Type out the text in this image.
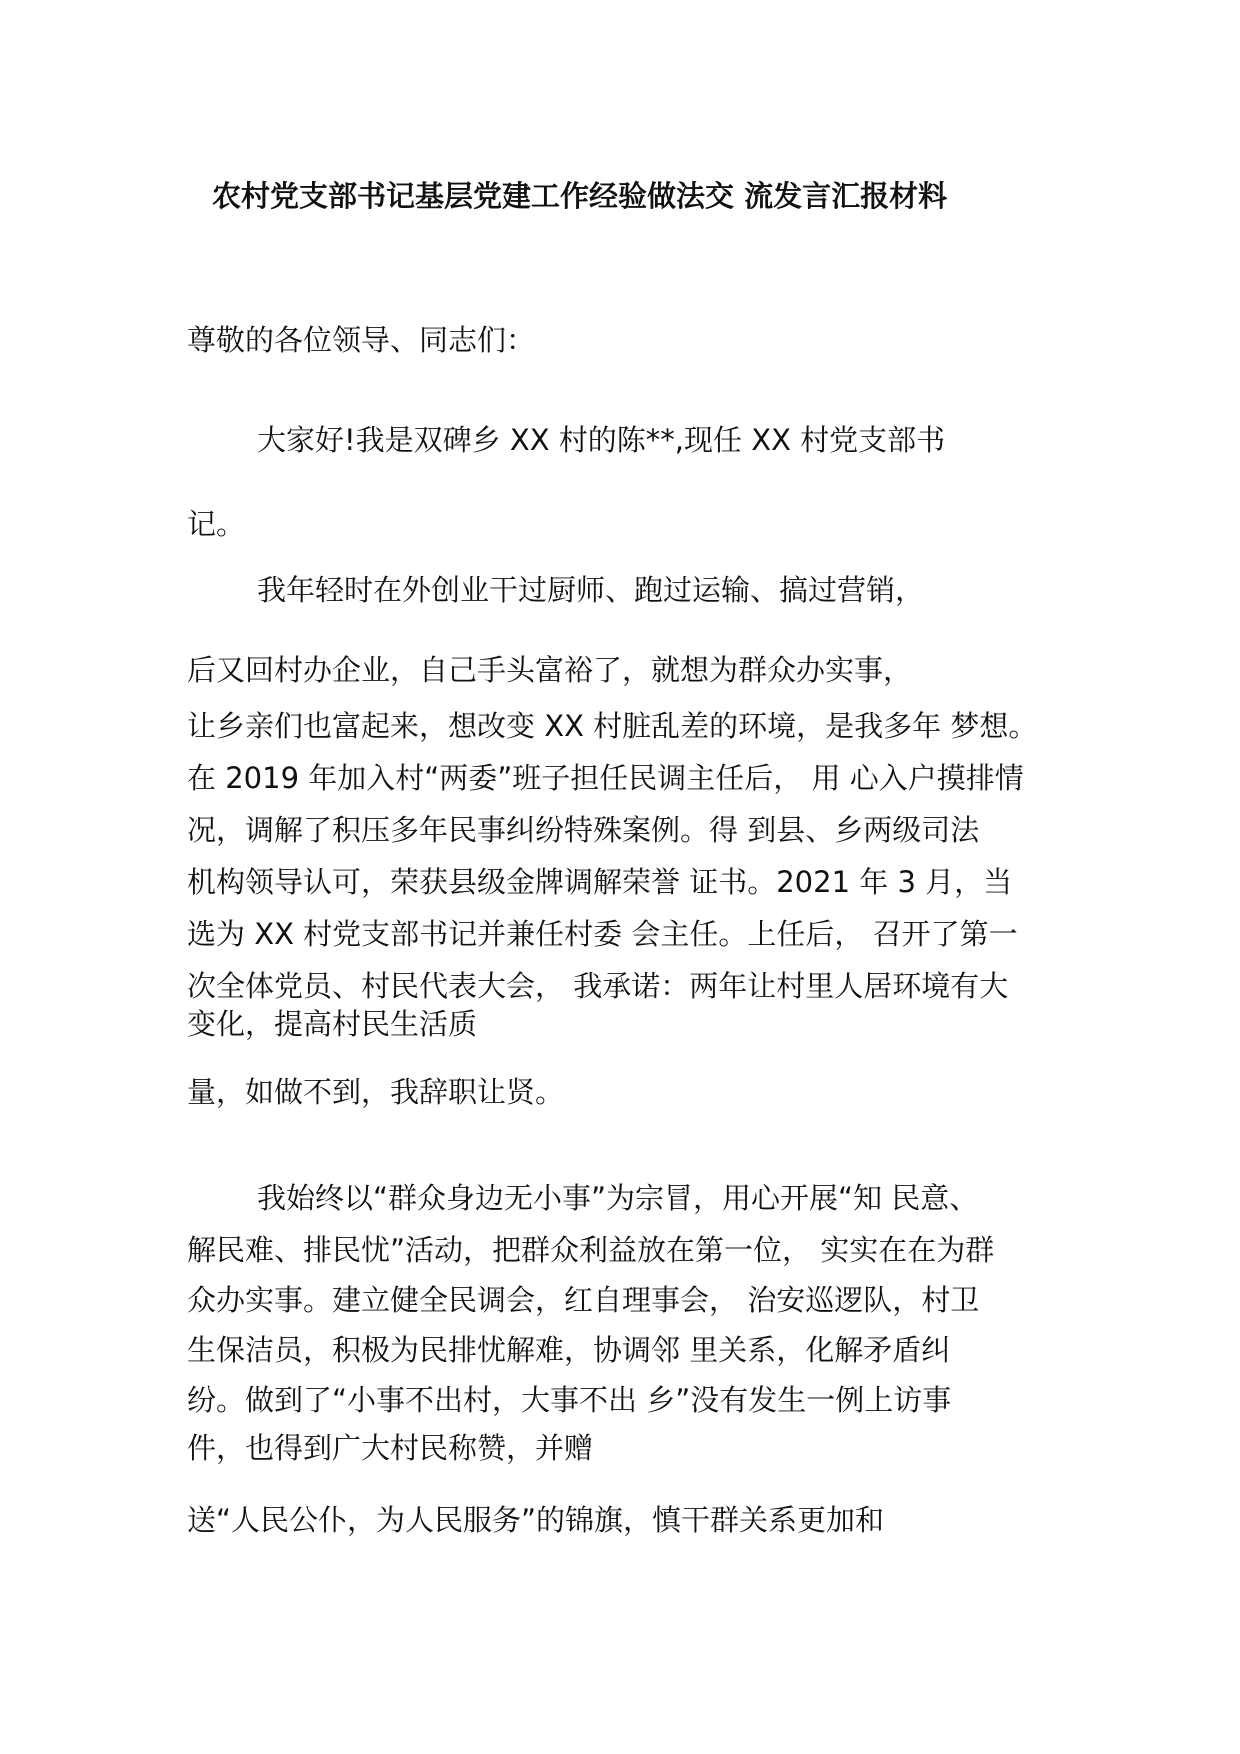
农村党支部书记基层党建工作经验做法交 流发言汇报材料
尊敬的各位领导、同志们：
大家好!我是双碑乡 XX 村的陈**,现任 XX 村党支部书
记。
我年轻时在外创业干过厨师、跑过运输、搞过营销，
后又回村办企业，自己手头富裕了，就想为群众办实事，
让乡亲们也富起来，想改变 XX 村脏乱差的环境，是我多年 梦想。
在 2019 年加入村“两委”班子担任民调主任后， 用 心入户摸排情
况，调解了积压多年民事纠纷特殊案例。得 到县、乡两级司法
机构领导认可，荣获县级金牌调解荣誉 证书。2021 年 3 月，当
选为 XX 村党支部书记并兼任村委 会主任。上任后， 召开了第一
次全体党员、村民代表大会， 我承诺：两年让村里人居环境有大
变化，提高村民生活质
量，如做不到，我辞职让贤。
我始终以“群众身边无小事”为宗冒，用心开展“知 民意、
解民难、排民忧”活动，把群众利益放在第一位， 实实在在为群
众办实事。建立健全民调会，红自理事会， 治安巡逻队，村卫
生保洁员，积极为民排忧解难，协调邻 里关系，化解矛盾纠
纷。做到了“小事不出村，大事不出 乡”没有发生一例上访事
件，也得到广大村民称赞，并赠
送“人民公仆，为人民服务”的锦旗，慎干群关系更加和
